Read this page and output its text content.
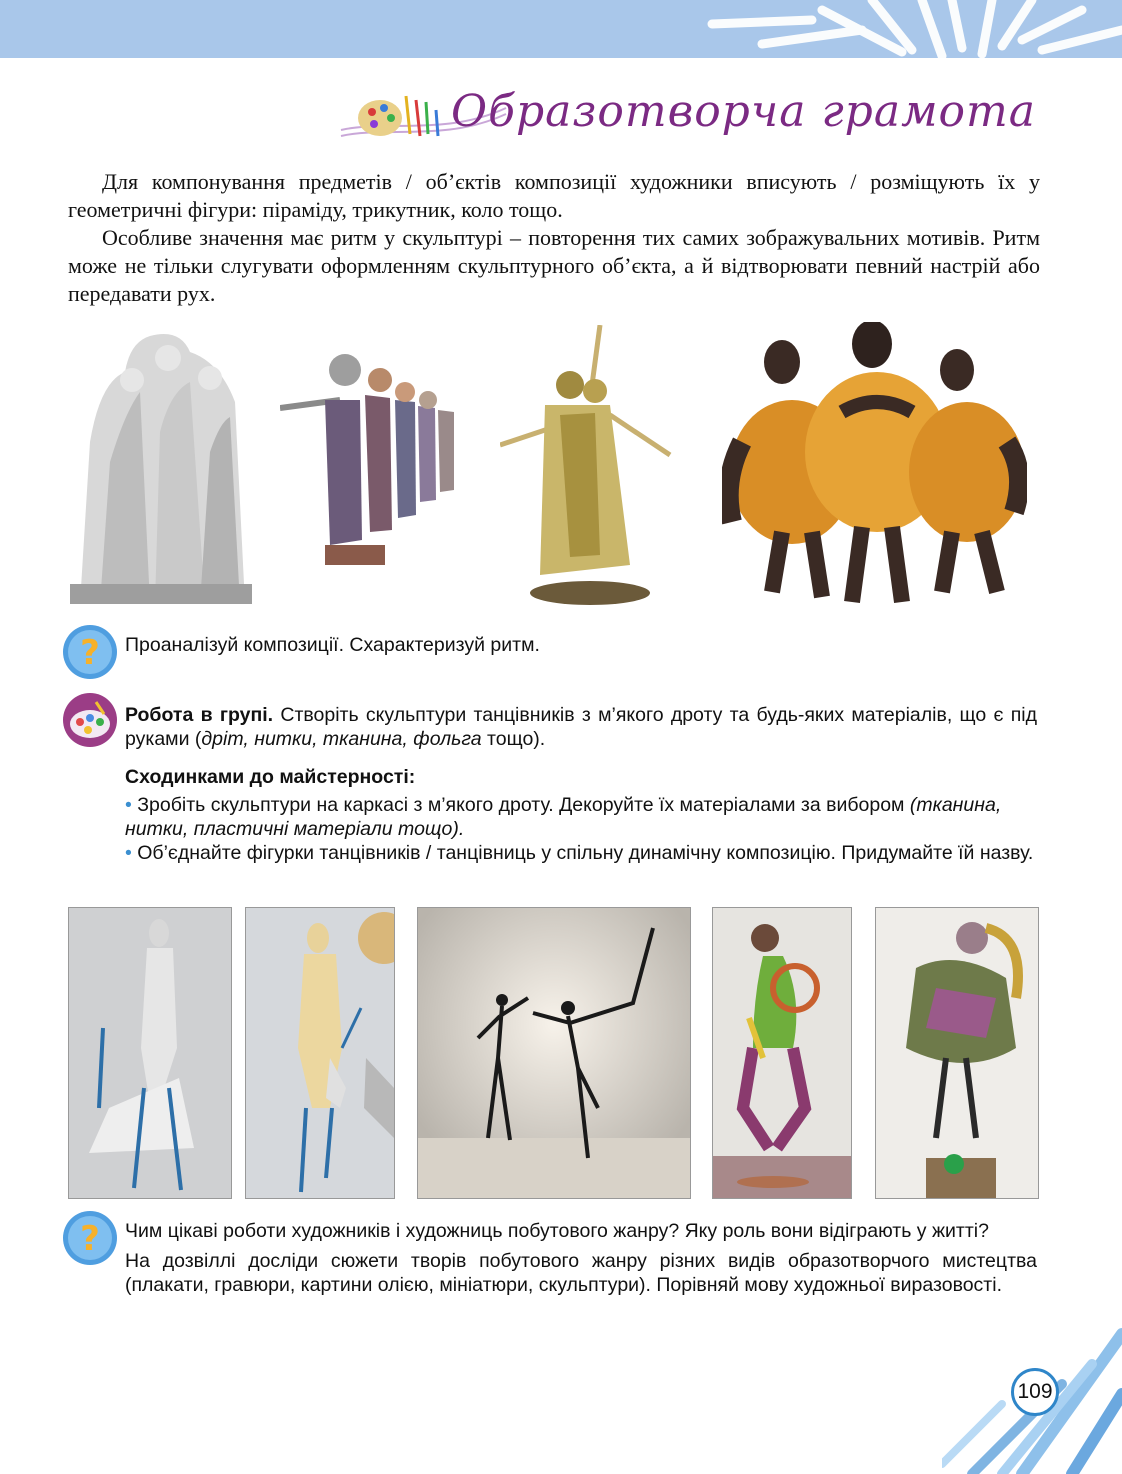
Образотворча грамота

Для компонування предметів / об’єктів композиції художники вписують / розміщують їх у геометричні фігури: піраміду, трикутник, коло тощо.

Особливе значення має ритм у скульптурі – повторення тих самих зображувальних мотивів. Ритм може не тільки слугувати оформленням скульптурного об’єкта, а й відтворювати певний настрій або передавати рух.

? Проаналізуй композиції. Схарактеризуй ритм.

Робота в групі. Створіть скульптури танцівників з м’якого дроту та будь-яких матеріалів, що є під руками (дріт, нитки, тканина, фольга тощо).

Сходинками до майстерності:

• Зробіть скульптури на каркасі з м’якого дроту. Декоруйте їх матеріалами за вибором (тканина, нитки, пластичні матеріали тощо).

• Об’єднайте фігурки танцівників / танцівниць у спільну динамічну композицію. Придумайте їй назву.

? Чим цікаві роботи художників і художниць побутового жанру? Яку роль вони відіграють у житті?

На дозвіллі досліди сюжети творів побутового жанру різних видів образотворчого мистецтва (плакати, гравюри, картини олією, мініатюри, скульптури). Порівняй мову художньої виразовості.

109
